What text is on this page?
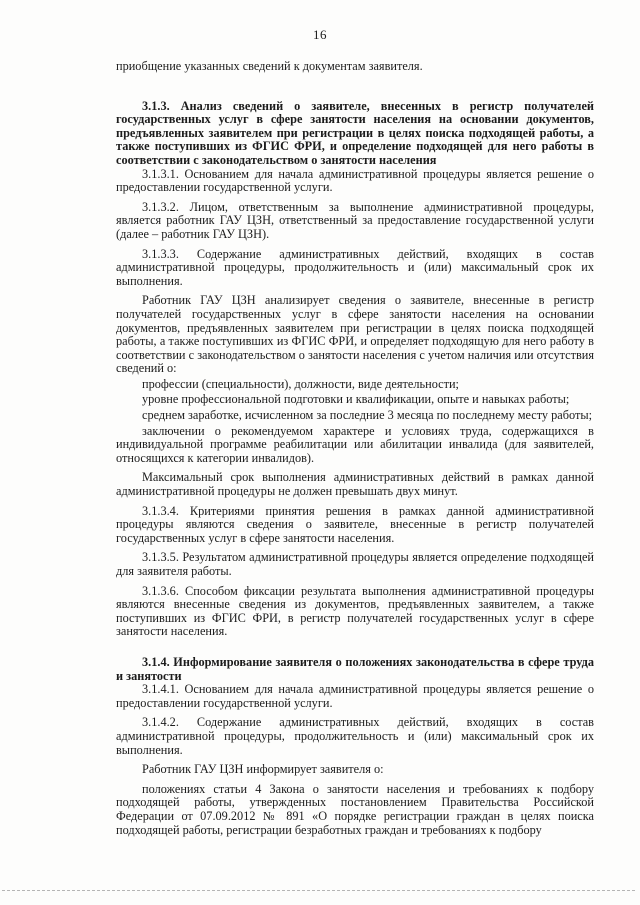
16

приобщение указанных сведений к документам заявителя.

3.1.3. Анализ сведений о заявителе, внесенных в регистр получателей государственных услуг в сфере занятости населения на основании документов, предъявленных заявителем при регистрации в целях поиска подходящей работы, а также поступивших из ФГИС ФРИ, и определение подходящей для него работы в соответствии с законодательством о занятости населения

3.1.3.1. Основанием для начала административной процедуры является решение о предоставлении государственной услуги.

3.1.3.2. Лицом, ответственным за выполнение административной процедуры, является работник ГАУ ЦЗН, ответственный за предоставление государственной услуги (далее – работник ГАУ ЦЗН).

3.1.3.3. Содержание административных действий, входящих в состав административной процедуры, продолжительность и (или) максимальный срок их выполнения.

Работник ГАУ ЦЗН анализирует сведения о заявителе, внесенные в регистр получателей государственных услуг в сфере занятости населения на основании документов, предъявленных заявителем при регистрации в целях поиска подходящей работы, а также поступивших из ФГИС ФРИ, и определяет подходящую для него работу в соответствии с законодательством о занятости населения с учетом наличия или отсутствия сведений о:

профессии (специальности), должности, виде деятельности;

уровне профессиональной подготовки и квалификации, опыте и навыках работы;

среднем заработке, исчисленном за последние 3 месяца по последнему месту работы;

заключении о рекомендуемом характере и условиях труда, содержащихся в индивидуальной программе реабилитации или абилитации инвалида (для заявителей, относящихся к категории инвалидов).

Максимальный срок выполнения административных действий в рамках данной административной процедуры не должен превышать двух минут.

3.1.3.4. Критериями принятия решения в рамках данной административной процедуры являются сведения о заявителе, внесенные в регистр получателей государственных услуг в сфере занятости населения.

3.1.3.5. Результатом административной процедуры является определение подходящей для заявителя работы.

3.1.3.6. Способом фиксации результата выполнения административной процедуры являются внесенные сведения из документов, предъявленных заявителем, а также поступивших из ФГИС ФРИ, в регистр получателей государственных услуг в сфере занятости населения.

3.1.4. Информирование заявителя о положениях законодательства в сфере труда и занятости

3.1.4.1. Основанием для начала административной процедуры является решение о предоставлении государственной услуги.

3.1.4.2. Содержание административных действий, входящих в состав административной процедуры, продолжительность и (или) максимальный срок их выполнения.

Работник ГАУ ЦЗН информирует заявителя о:

положениях статьи 4 Закона о занятости населения и требованиях к подбору подходящей работы, утвержденных постановлением Правительства Российской Федерации от 07.09.2012 № 891 «О порядке регистрации граждан в целях поиска подходящей работы, регистрации безработных граждан и требованиях к подбору
